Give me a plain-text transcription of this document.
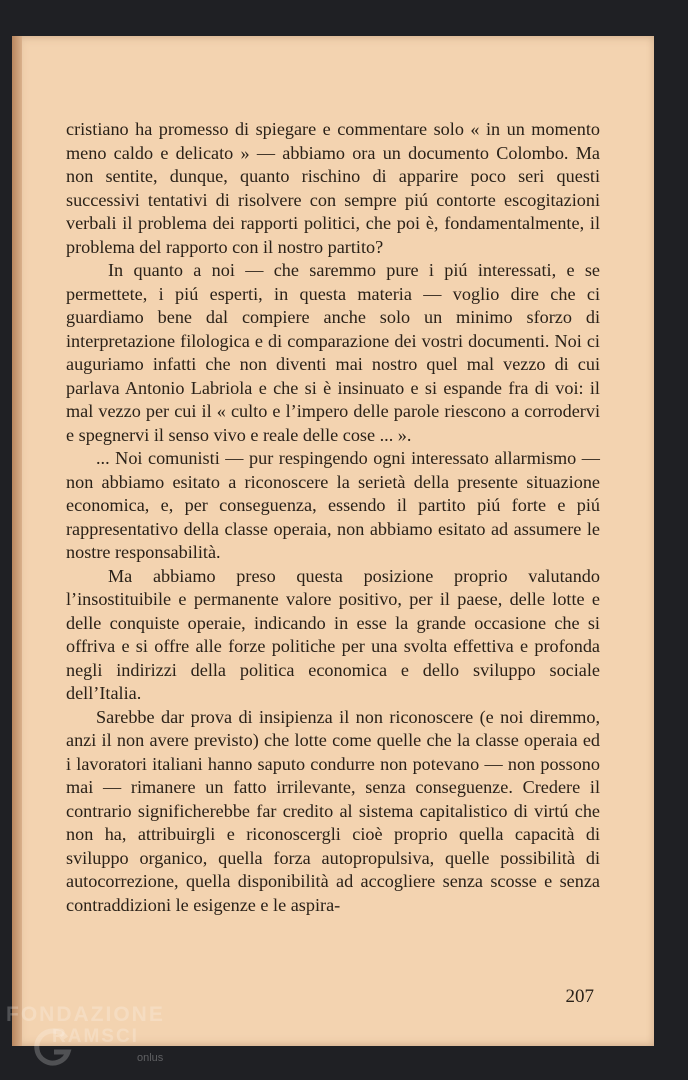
cristiano ha promesso di spiegare e commentare solo « in un momento meno caldo e delicato » — abbiamo ora un documento Colombo. Ma non sentite, dunque, quanto rischino di apparire poco seri questi successivi tentativi di risolvere con sempre piú contorte escogitazioni verbali il problema dei rapporti politici, che poi è, fondamentalmente, il problema del rapporto con il nostro partito?

In quanto a noi — che saremmo pure i piú interessati, e se permettete, i piú esperti, in questa materia — voglio dire che ci guardiamo bene dal compiere anche solo un minimo sforzo di interpretazione filologica e di comparazione dei vostri documenti. Noi ci auguriamo infatti che non diventi mai nostro quel mal vezzo di cui parlava Antonio Labriola e che si è insinuato e si espande fra di voi: il mal vezzo per cui il « culto e l’impero delle parole riescono a corrodervi e spegnervi il senso vivo e reale delle cose ... ».

... Noi comunisti — pur respingendo ogni interessato allarmismo — non abbiamo esitato a riconoscere la serietà della presente situazione economica, e, per conseguenza, essendo il partito piú forte e piú rappresentativo della classe operaia, non abbiamo esitato ad assumere le nostre responsabilità.

Ma abbiamo preso questa posizione proprio valutando l’insostituibile e permanente valore positivo, per il paese, delle lotte e delle conquiste operaie, indicando in esse la grande occasione che si offriva e si offre alle forze politiche per una svolta effettiva e profonda negli indirizzi della politica economica e dello sviluppo sociale dell’Italia.

Sarebbe dar prova di insipienza il non riconoscere (e noi diremmo, anzi il non avere previsto) che lotte come quelle che la classe operaia ed i lavoratori italiani hanno saputo condurre non potevano — non possono mai — rimanere un fatto irrilevante, senza conseguenze. Credere il contrario significherebbe far credito al sistema capitalistico di virtú che non ha, attribuirgli e riconoscergli cioè proprio quella capacità di sviluppo organico, quella forza autopropulsiva, quelle possibilità di autocorrezione, quella disponibilità ad accogliere senza scosse e senza contraddizioni le esigenze e le aspira-

207
FONDAZIONE
RAMSCI
onlus
